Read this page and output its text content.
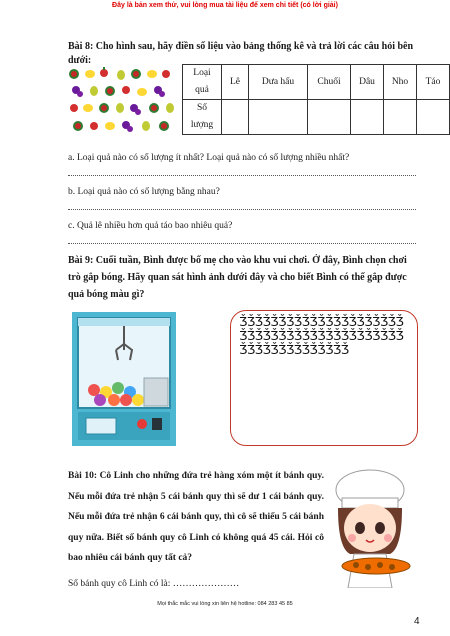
Đây là bản xem thử, vui lòng mua tài liệu để xem chi tiết (có lời giải)
Bài 8: Cho hình sau, hãy điền số liệu vào bảng thống kê và trả lời các câu hỏi bên dưới:
Loại quả	Lê	Dưa hấu	Chuối	Dâu	Nho	Táo
Số lượng						
a. Loại quả nào có số lượng ít nhất? Loại quả nào có số lượng nhiều nhất?
b. Loại quả nào có số lượng bằng nhau?
c. Quả lê nhiều hơn quả táo bao nhiêu quả?
Bài 9: Cuối tuần, Bình được bố mẹ cho vào khu vui chơi. Ở đây, Bình chọn chơi trò gắp bóng. Hãy quan sát hình ảnh dưới đây và cho biết Bình có thể gắp được quả bóng màu gì?
ǮǮǮǮǮǮǮǮǮǮǮǮǮǮǮǮǮǮǮǮǮǮǮǮǮǮǮǮǮǮǮǮǮǮǮǮǮǮǮǮǮǮǮǮǮǮǮǮǮǮǮǮǮǮǮǮ
Bài 10: Cô Linh cho những đứa trẻ hàng xóm một ít bánh quy. Nếu mỗi đứa trẻ nhận 5 cái bánh quy thì sẽ dư 1 cái bánh quy. Nếu mỗi đứa trẻ nhận 6 cái bánh quy, thì cô sẽ thiếu 5 cái bánh quy nữa. Biết số bánh quy cô Linh có không quá 45 cái. Hỏi cô bao nhiêu cái bánh quy tất cả?
Số bánh quy cô Linh có là: …………………
Mọi thắc mắc vui lòng xin liên hệ hotline: 084 283 45 85
4
